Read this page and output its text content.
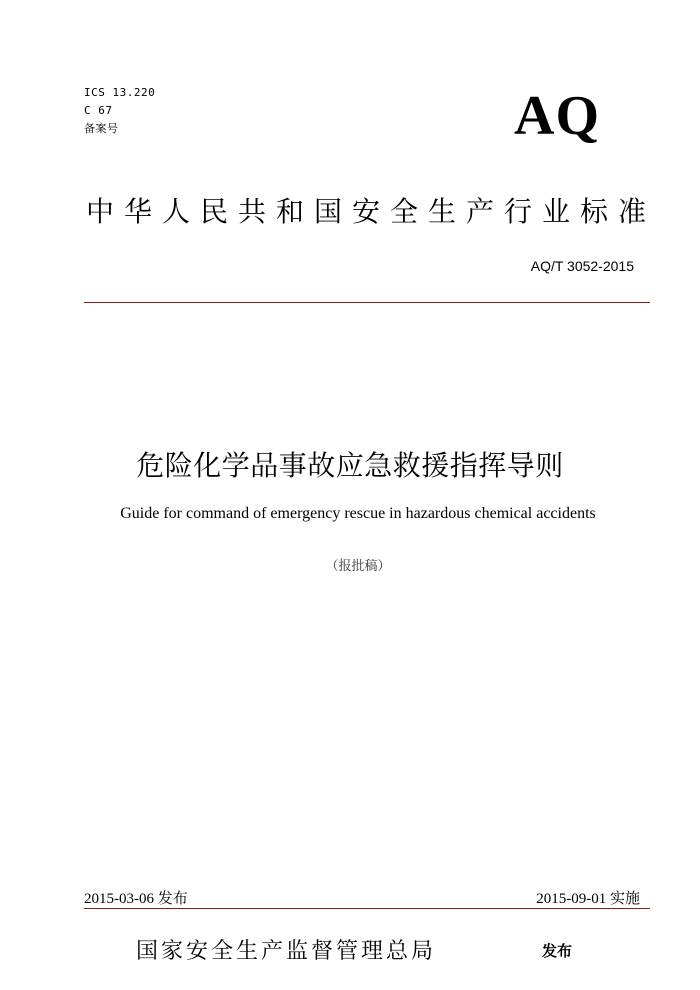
ICS 13.220
C 67
备案号	AQ
中华人民共和国安全生产行业标准
AQ/T 3052-2015
危险化学品事故应急救援指挥导则
Guide for command of emergency rescue in hazardous chemical accidents
（报批稿）
2015-03-06 发布	2015-09-01 实施
国家安全生产监督管理总局	发布
